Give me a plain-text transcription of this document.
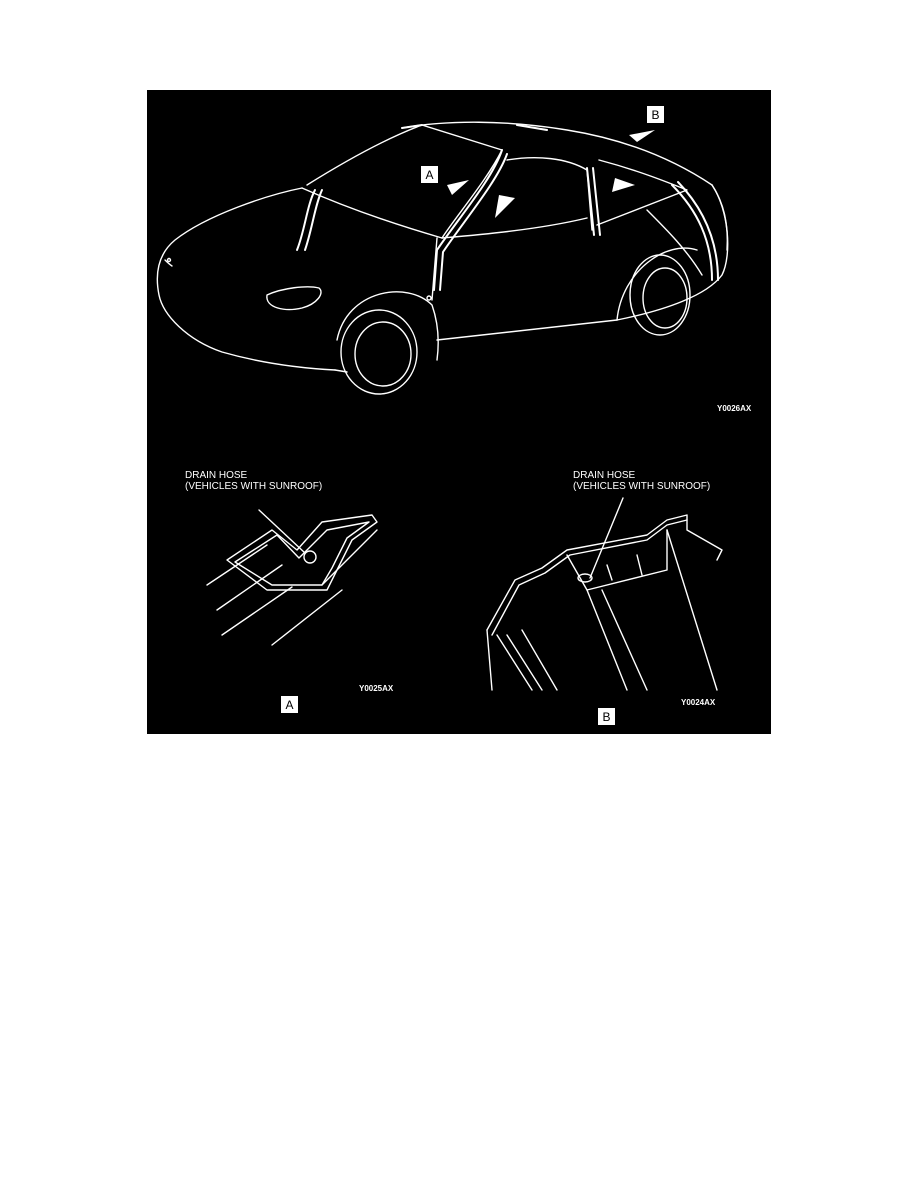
A
B
Y0026AX
DRAIN HOSE
(VEHICLES WITH SUNROOF)
Y0025AX
A
DRAIN HOSE
(VEHICLES WITH SUNROOF)
Y0024AX
B
